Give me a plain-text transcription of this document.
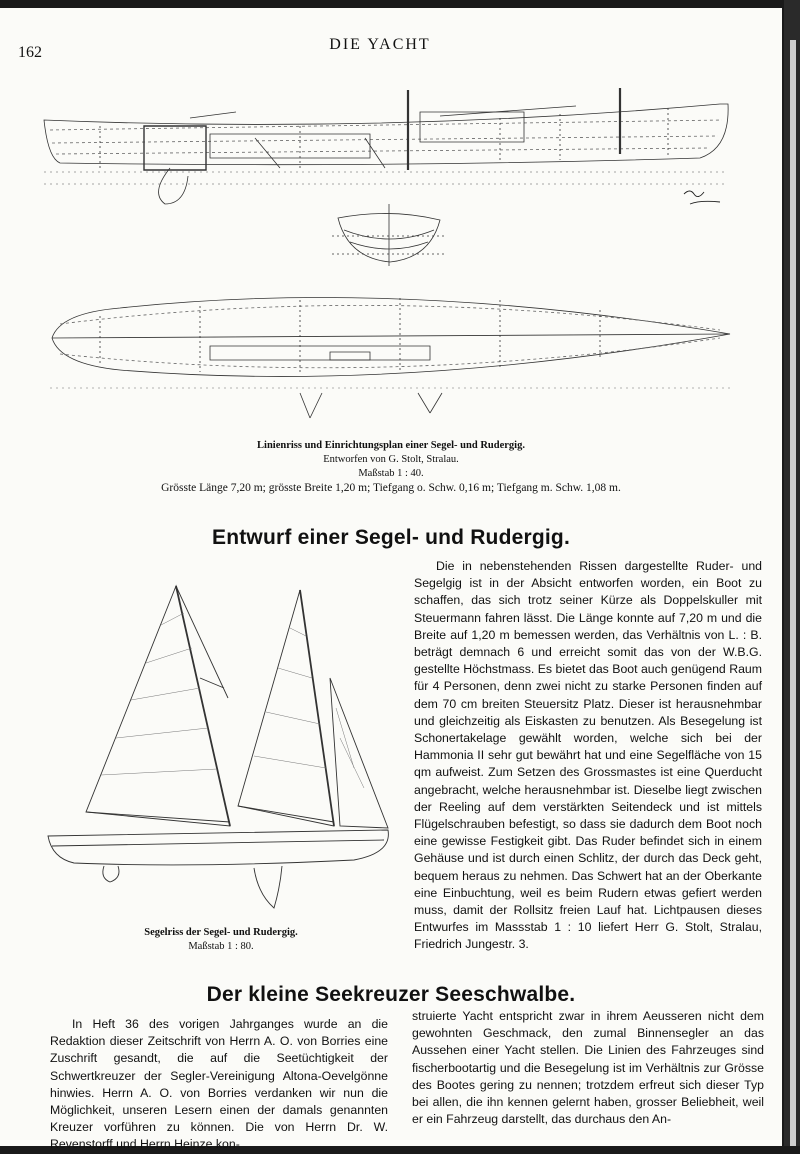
162	DIE YACHT
Linienriss und Einrichtungsplan einer Segel- und Rudergig.
Entworfen von G. Stolt, Stralau.
Maßstab 1 : 40.
Grösste Länge 7,20 m; grösste Breite 1,20 m; Tiefgang o. Schw. 0,16 m; Tiefgang m. Schw. 1,08 m.
Entwurf einer Segel- und Rudergig.
Segelriss der Segel- und Rudergig.
Maßstab 1 : 80.

Die in nebenstehenden Rissen dargestellte Ruder- und Segelgig ist in der Absicht entworfen worden, ein Boot zu schaffen, das sich trotz seiner Kürze als Doppelskuller mit Steuermann fahren lässt. Die Länge konnte auf 7,20 m und die Breite auf 1,20 m bemessen werden, das Verhältnis von L. : B. beträgt demnach 6 und erreicht somit das von der W.B.G. gestellte Höchstmass. Es bietet das Boot auch genügend Raum für 4 Personen, denn zwei nicht zu starke Personen finden auf dem 70 cm breiten Steuersitz Platz. Dieser ist herausnehmbar und gleichzeitig als Eiskasten zu benutzen. Als Besegelung ist Schonertakelage gewählt worden, welche sich bei der Hammonia II sehr gut bewährt hat und eine Segelfläche von 15 qm aufweist. Zum Setzen des Grossmastes ist eine Querducht angebracht, welche herausnehmbar ist. Dieselbe liegt zwischen der Reeling auf dem verstärkten Seitendeck und ist mittels Flügelschrauben befestigt, so dass sie dadurch dem Boot noch eine gewisse Festigkeit gibt. Das Ruder befindet sich in einem Gehäuse und ist durch einen Schlitz, der durch das Deck geht, bequem heraus zu nehmen. Das Schwert hat an der Oberkante eine Einbuchtung, weil es beim Rudern etwas gefiert werden muss, damit der Rollsitz freien Lauf hat. Lichtpausen dieses Entwurfes im Massstab 1 : 10 liefert Herr G. Stolt, Stralau, Friedrich Jungestr. 3.

Der kleine Seekreuzer Seeschwalbe.

In Heft 36 des vorigen Jahrganges wurde an die Redaktion dieser Zeitschrift von Herrn A. O. von Borries eine Zuschrift gesandt, die auf die Seetüchtigkeit der Schwertkreuzer der Segler-Vereinigung Altona-Oevelgönne hinwies. Herrn A. O. von Borries verdanken wir nun die Möglichkeit, unseren Lesern einen der damals genannten Kreuzer vorführen zu können. Die von Herrn Dr. W. Revenstorff und Herrn Heinze kon-

struierte Yacht entspricht zwar in ihrem Aeusseren nicht dem gewohnten Geschmack, den zumal Binnensegler an das Aussehen einer Yacht stellen. Die Linien des Fahrzeuges sind fischerbootartig und die Besegelung ist im Verhältnis zur Grösse des Bootes gering zu nennen; trotzdem erfreut sich dieser Typ bei allen, die ihn kennen gelernt haben, grosser Beliebheit, weil er ein Fahrzeug darstellt, das durchaus den An-
